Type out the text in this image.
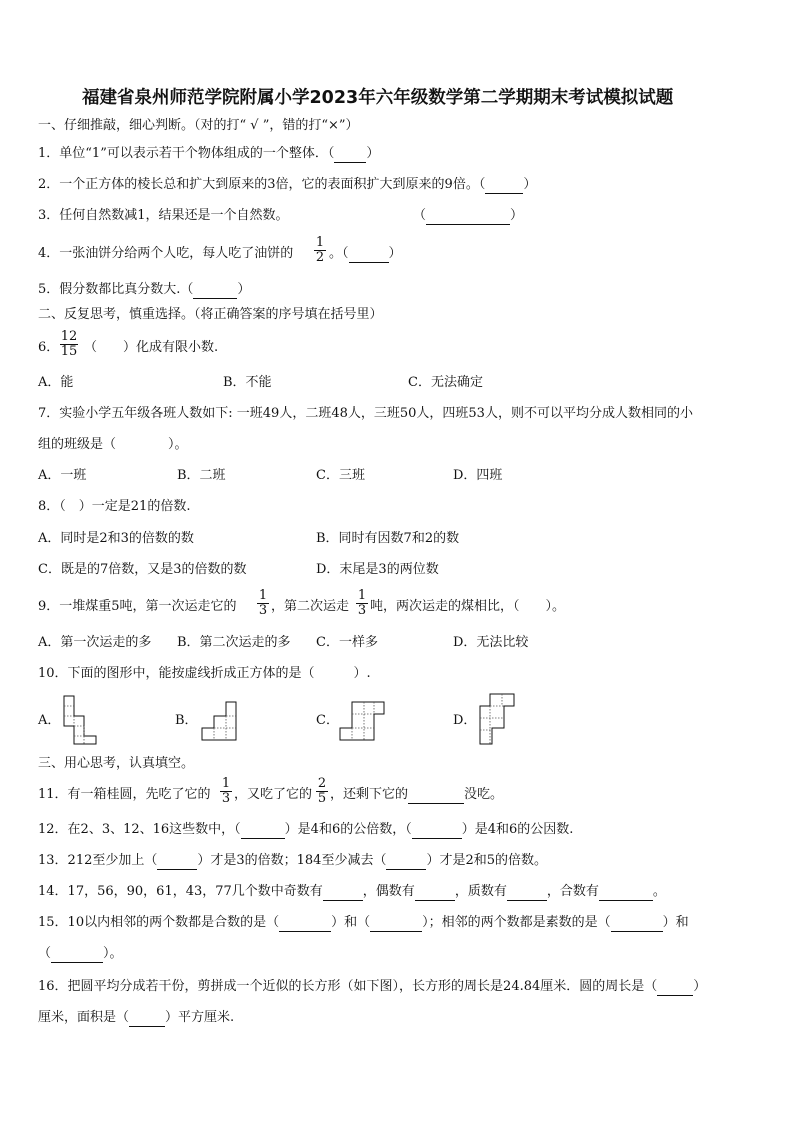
福建省泉州师范学院附属小学2023年六年级数学第二学期期末考试模拟试题
一、仔细推敲，细心判断。（对的打“ √ ”，错的打“×”）
1．单位“1”可以表示若干个物体组成的一个整体．（ ）
2．一个正方体的棱长总和扩大到原来的3倍，它的表面积扩大到原来的9倍。（	）
3．任何自然数减1，结果还是一个自然数。	（	）
4．一张油饼分给两个人吃，每人吃了油饼的 $\frac{1}{2}$ 。（	）
5．假分数都比真分数大.（	）
二、反复思考，慎重选择。（将正确答案的序号填在括号里）
6． $\frac{12}{15}$ （　　）化成有限小数.
A．能	B．不能	C．无法确定
7．实验小学五年级各班人数如下: 一班49人，二班48人，三班50人，四班53人，则不可以平均分成人数相同的小
组的班级是（　　　　）。
A．一班	B．二班	C．三班	D．四班
8．（　）一定是21的倍数.
A．同时是2和3的倍数的数	B．同时有因数7和2的数
C．既是的7倍数，又是3的倍数的数	D．末尾是3的两位数
9．一堆煤重5吨，第一次运走它的 $\frac{1}{3}$ ，第二次运走 $\frac{1}{3}$ 吨，两次运走的煤相比，（　　）。
A．第一次运走的多 B．第二次运走的多 C．一样多	D．无法比较
10．下面的图形中，能按虚线折成正方体的是（　　　）.
A．	B．	C．	D．
三、用心思考，认真填空。
11．有一箱桂圆，先吃了它的 $\frac{1}{3}$ ，又吃了它的 $\frac{2}{5}$ ，还剩下它的	没吃。
12．在2、3、12、16这些数中，（	）是4和6的公倍数，（	）是4和6的公因数.
13．212至少加上（	）才是3的倍数；184至少减去（	）才是2和5的倍数。
14．17，56，90，61，43，77几个数中奇数有	，偶数有	，质数有	，合数有	。
15．10以内相邻的两个数都是合数的是（	）和（	）；相邻的两个数都是素数的是（	）和
（	）。
16．把圆平均分成若干份，剪拼成一个近似的长方形（如下图），长方形的周长是24.84厘米．圆的周长是（	）
厘米，面积是（	）平方厘米.
